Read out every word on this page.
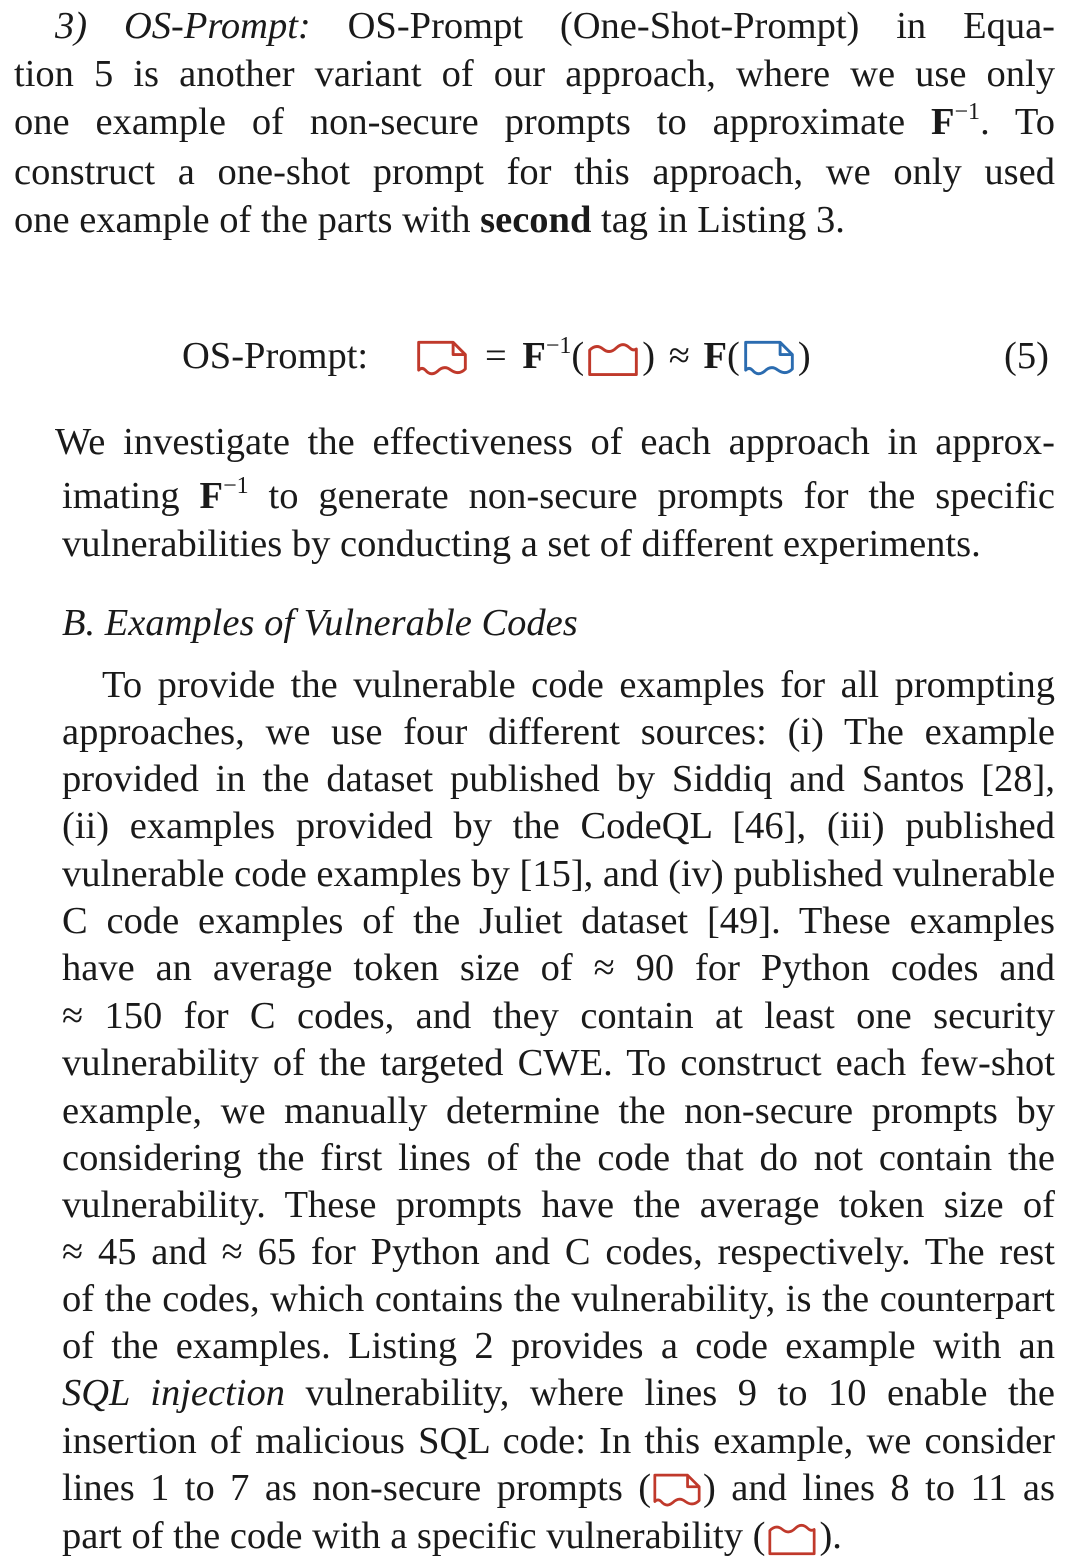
3) OS-Prompt: OS-Prompt (One-Shot-Prompt) in Equa-
tion 5 is another variant of our approach, where we use only
one example of non-secure prompts to approximate $F^{-1}$. To
construct a one-shot prompt for this approach, we only used
one example of the parts with second tag in Listing 3.
OS-Prompt:	= $F^{-1}$( ) ≈ F( )	(5)
We investigate the effectiveness of each approach in approx-
imating $F^{-1}$ to generate non-secure prompts for the specific
vulnerabilities by conducting a set of different experiments.
B. Examples of Vulnerable Codes
To provide the vulnerable code examples for all prompting
approaches, we use four different sources: (i) The example
provided in the dataset published by Siddiq and Santos [28],
(ii) examples provided by the CodeQL [46], (iii) published
vulnerable code examples by [15], and (iv) published vulnerable
C code examples of the Juliet dataset [49]. These examples
have an average token size of ≈ 90 for Python codes and
≈ 150 for C codes, and they contain at least one security
vulnerability of the targeted CWE. To construct each few-shot
example, we manually determine the non-secure prompts by
considering the first lines of the code that do not contain the
vulnerability. These prompts have the average token size of
≈ 45 and ≈ 65 for Python and C codes, respectively. The rest
of the codes, which contains the vulnerability, is the counterpart
of the examples. Listing 2 provides a code example with an
SQL injection vulnerability, where lines 9 to 10 enable the
insertion of malicious SQL code: In this example, we consider
lines 1 to 7 as non-secure prompts ( ) and lines 8 to 11 as
part of the code with a specific vulnerability ( ).
